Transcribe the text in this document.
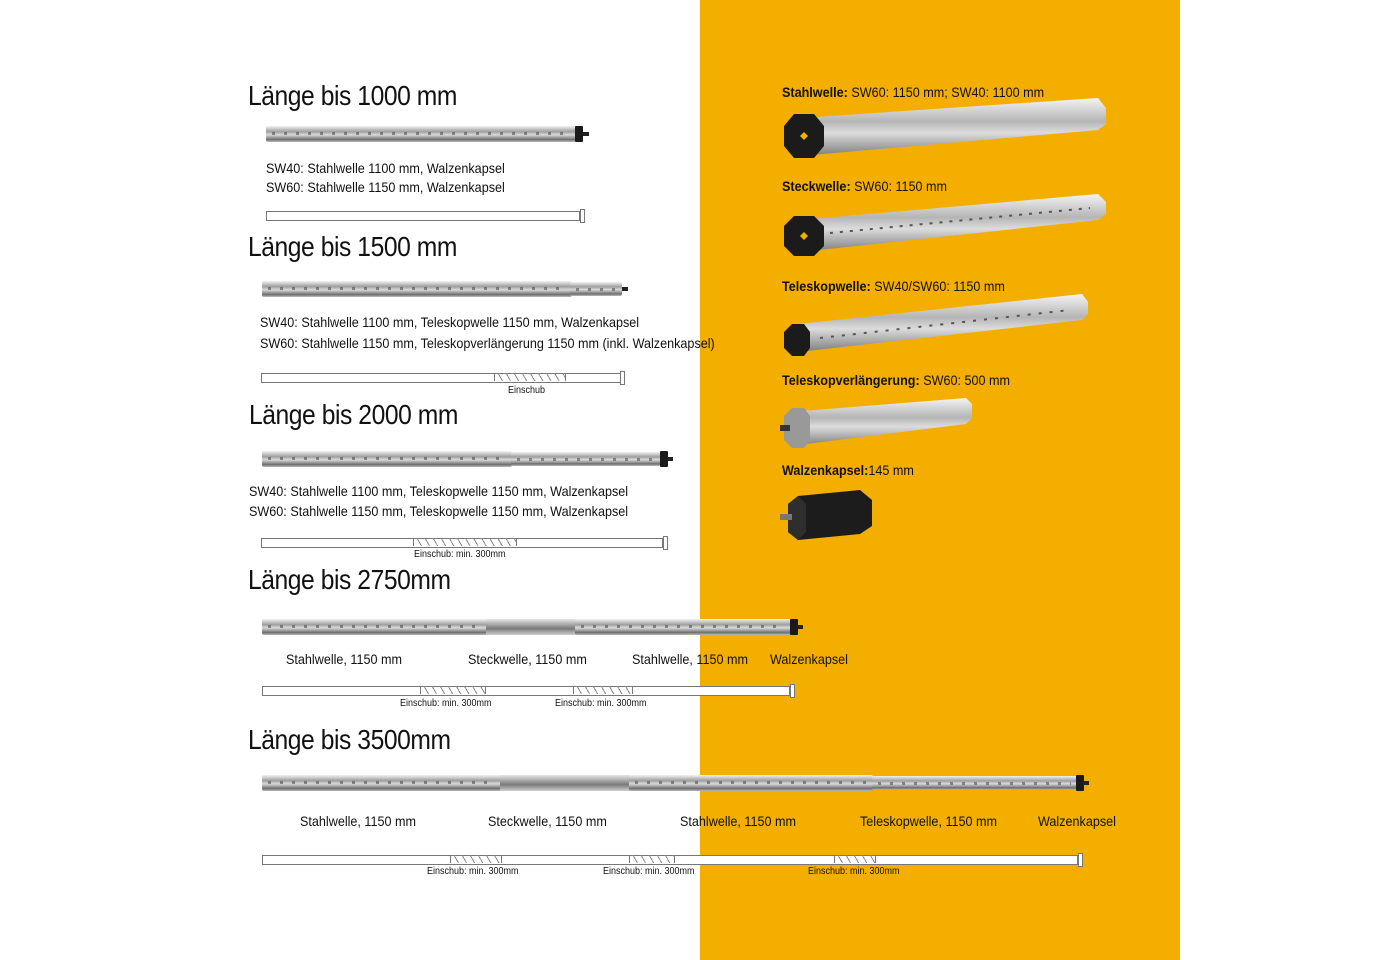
Länge bis 1000 mm
SW40: Stahlwelle 1100 mm, Walzenkapsel
SW60: Stahlwelle 1150 mm, Walzenkapsel
Länge bis 1500 mm
SW40: Stahlwelle 1100 mm, Teleskopwelle 1150 mm, Walzenkapsel
SW60: Stahlwelle 1150 mm, Teleskopverlängerung 1150 mm (inkl. Walzenkapsel)
Einschub
Länge bis 2000 mm
SW40: Stahlwelle 1100 mm, Teleskopwelle 1150 mm, Walzenkapsel
SW60: Stahlwelle 1150 mm, Teleskopwelle 1150 mm, Walzenkapsel
Einschub: min. 300mm
Länge bis 2750mm
Stahlwelle, 1150 mm	Steckwelle, 1150 mm	Stahlwelle, 1150 mm Walzenkapsel
Einschub: min. 300mm	Einschub: min. 300mm
Länge bis 3500mm
Stahlwelle, 1150 mm	Steckwelle, 1150 mm	Stahlwelle, 1150 mm	Teleskopwelle, 1150 mm	Walzenkapsel
Einschub: min. 300mm	Einschub: min. 300mm	Einschub: min. 300mm
Stahlwelle: SW60: 1150 mm; SW40: 1100 mm
Steckwelle: SW60: 1150 mm
Teleskopwelle: SW40/SW60: 1150 mm
Teleskopverlängerung: SW60: 500 mm
Walzenkapsel:145 mm
